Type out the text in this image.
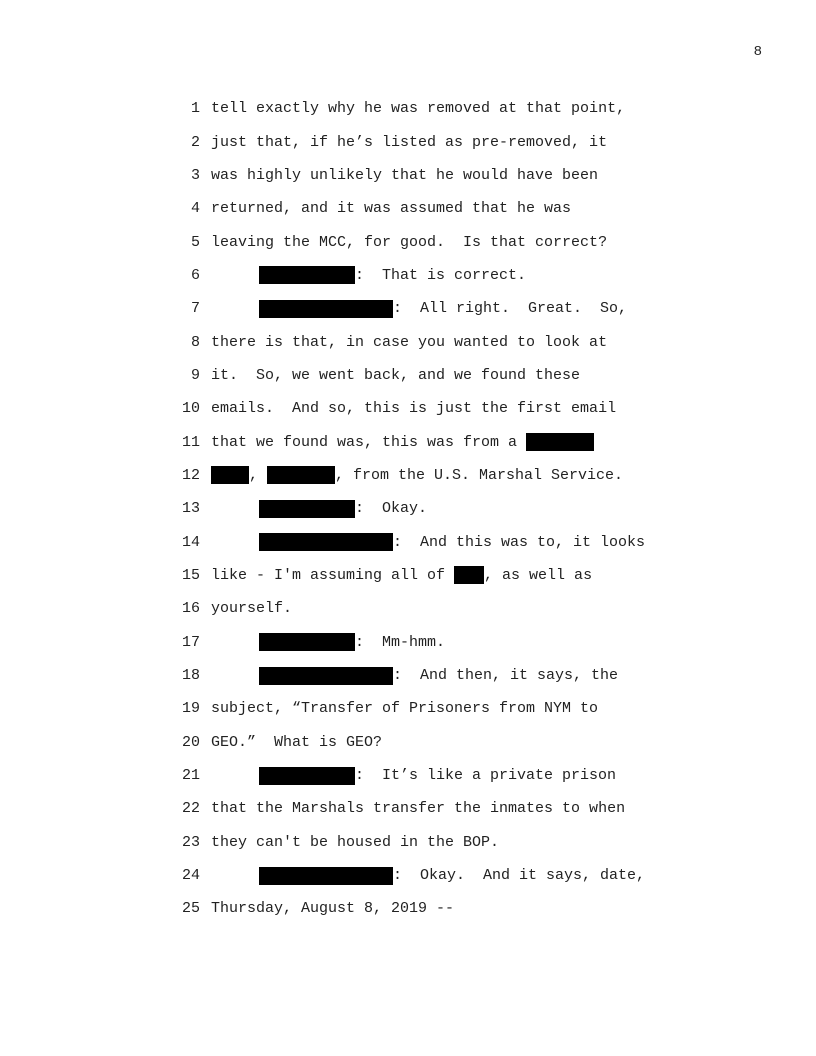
8
1 tell exactly why he was removed at that point,
2 just that, if he’s listed as pre-removed, it
3 was highly unlikely that he would have been
4 returned, and it was assumed that he was
5 leaving the MCC, for good.  Is that correct?
6	:  That is correct.
7	:  All right.  Great.  So,
8 there is that, in case you wanted to look at
9 it.  So, we went back, and we found these
10 emails.  And so, this is just the first email
11 that we found was, this was from a
12	,	, from the U.S. Marshal Service.
13	:  Okay.
14	:  And this was to, it looks
15 like - I'm assuming all of , as well as
16 yourself.
17	:  Mm-hmm.
18	:  And then, it says, the
19 subject, “Transfer of Prisoners from NYM to
20 GEO.”  What is GEO?
21	:  It’s like a private prison
22 that the Marshals transfer the inmates to when
23 they can't be housed in the BOP.
24	:  Okay.  And it says, date,
25 Thursday, August 8, 2019 --
